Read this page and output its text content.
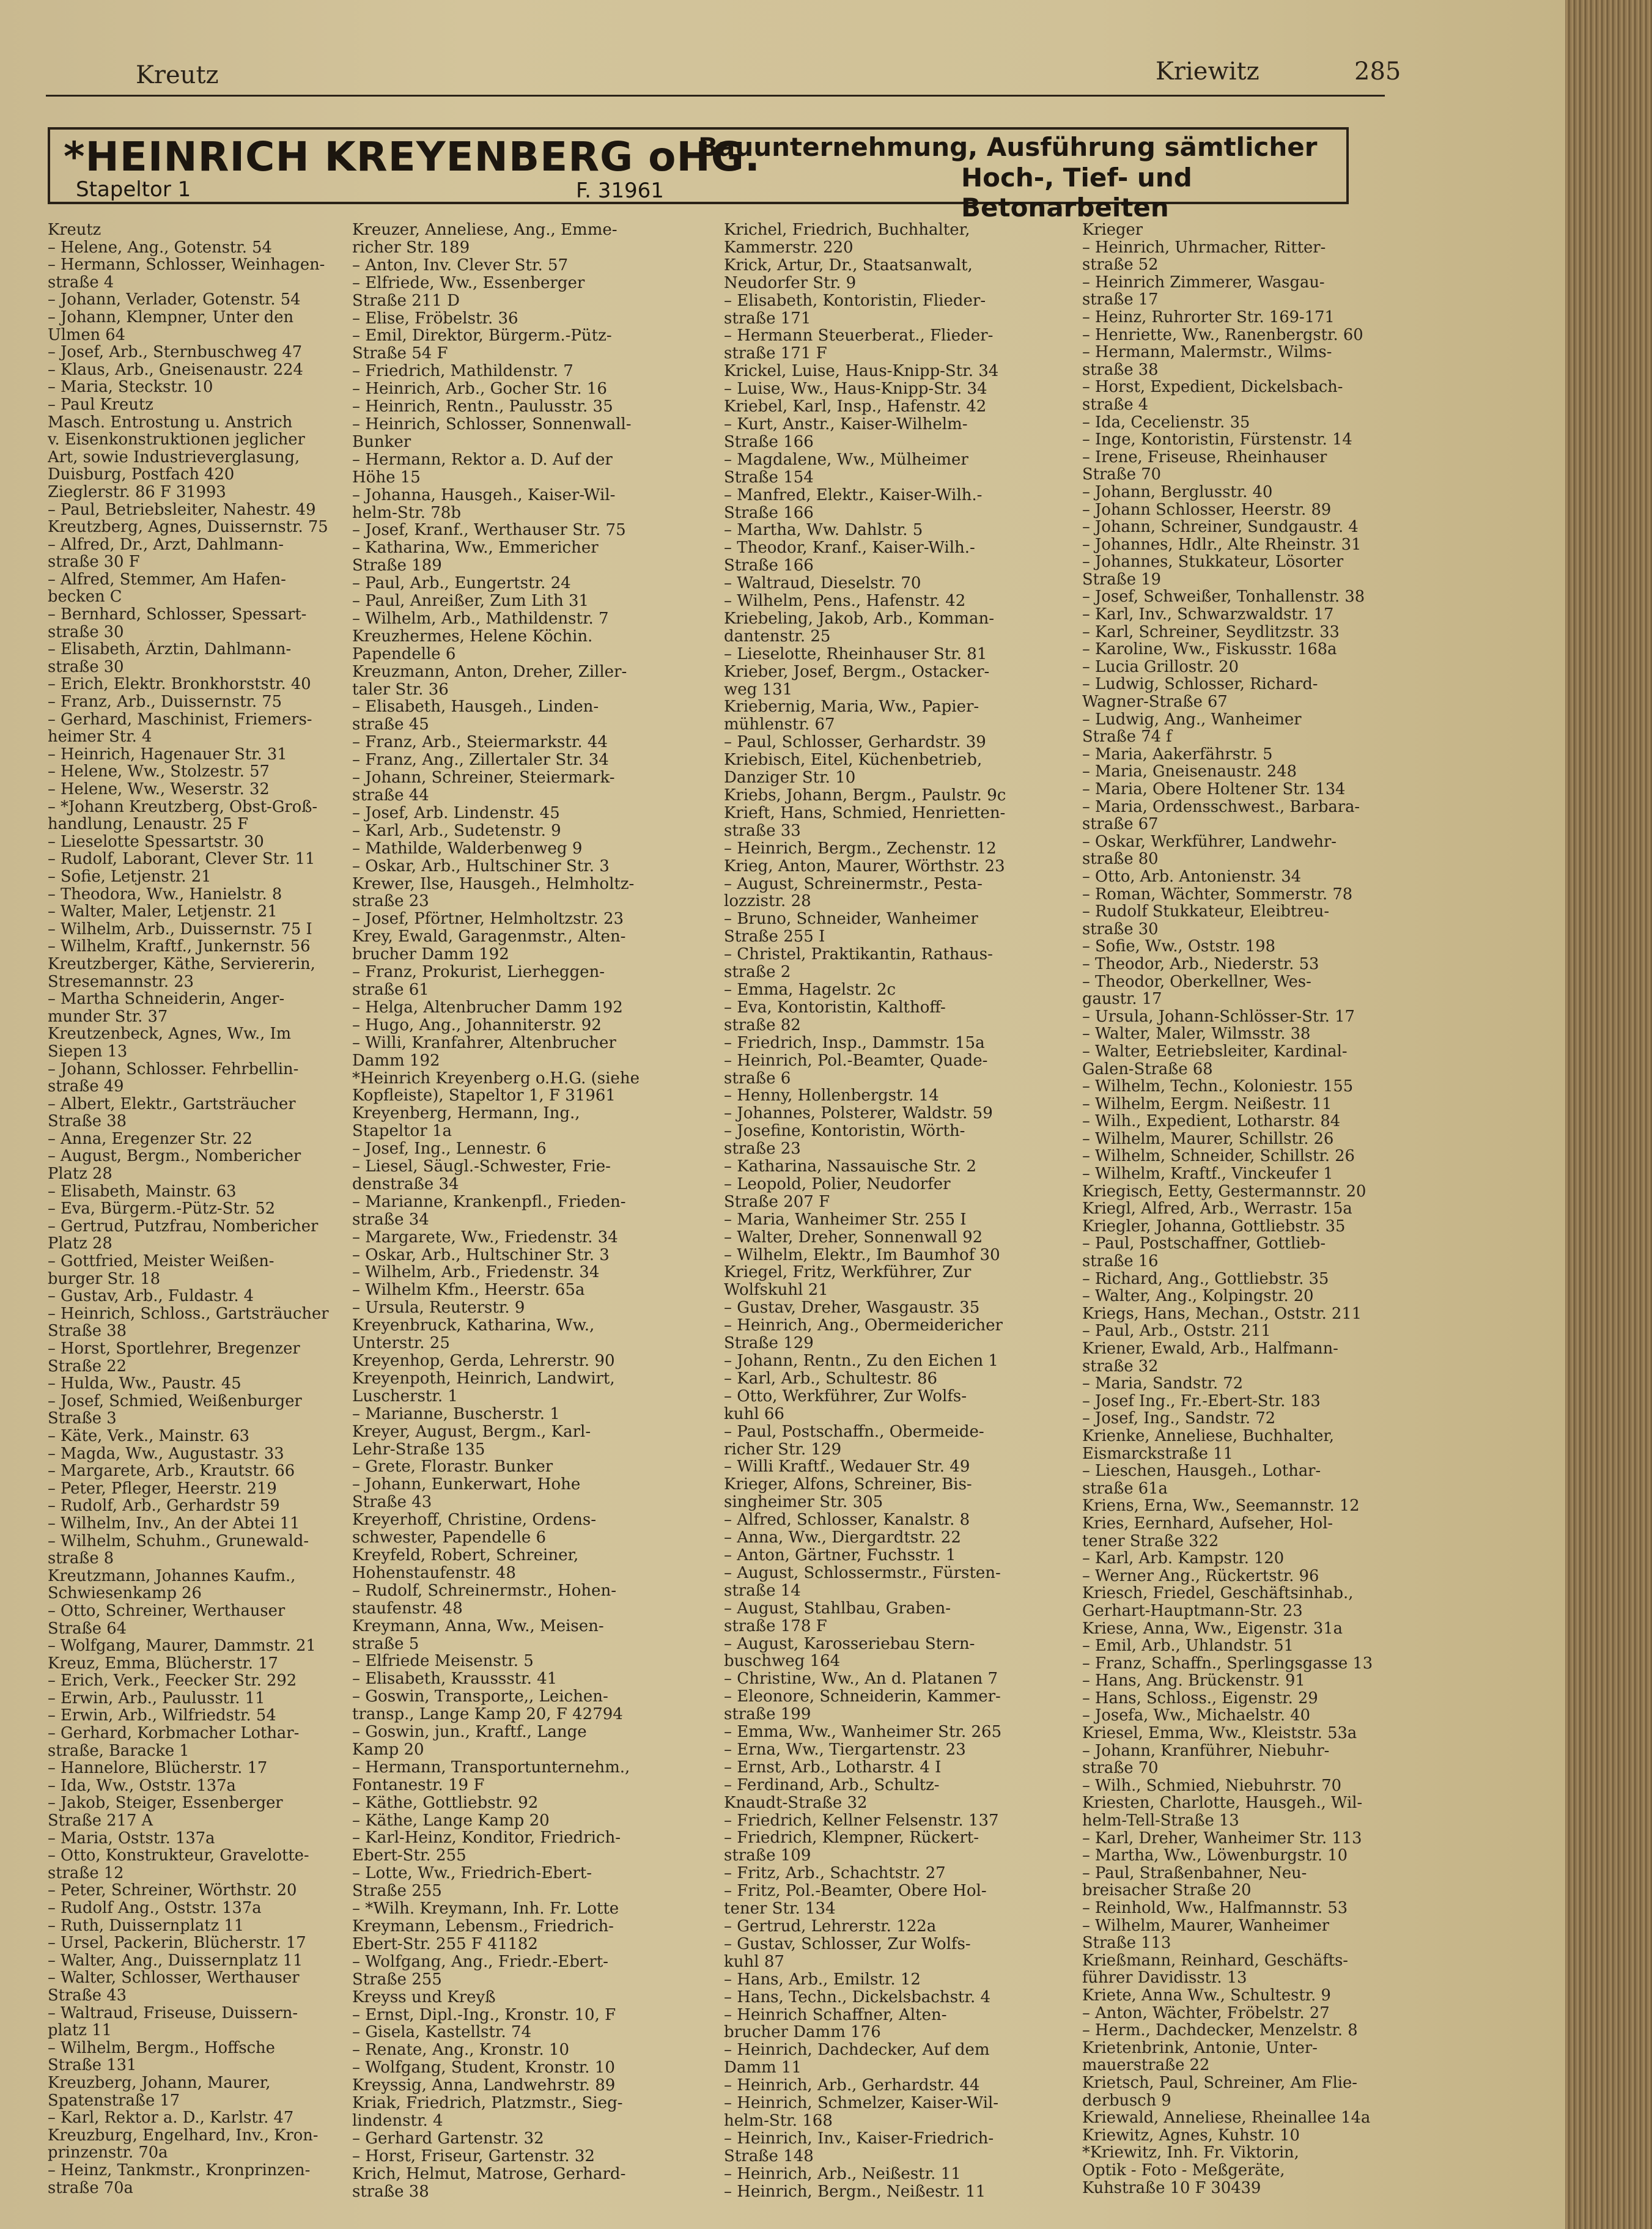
Kreutz	Kriewitz	285
*HEINRICH KREYENBERG oHG.
Stapeltor 1	F. 31961
Bauunternehmung, Ausführung sämtlicher
Hoch-, Tief- und Betonarbeiten
Kreutz
– Helene, Ang., Gotenstr. 54
– Hermann, Schlosser, Weinhagen-
straße 4
– Johann, Verlader, Gotenstr. 54
– Johann, Klempner, Unter den
Ulmen 64
– Josef, Arb., Sternbuschweg 47
– Klaus, Arb., Gneisenaustr. 224
– Maria, Steckstr. 10
– Paul Kreutz
Masch. Entrostung u. Anstrich
v. Eisenkonstruktionen jeglicher
Art, sowie Industrieverglasung,
Duisburg, Postfach 420
Zieglerstr. 86 F 31993
– Paul, Betriebsleiter, Nahestr. 49
Kreutzberg, Agnes, Duissernstr. 75
– Alfred, Dr., Arzt, Dahlmann-
straße 30 F
– Alfred, Stemmer, Am Hafen-
becken C
– Bernhard, Schlosser, Spessart-
straße 30
– Elisabeth, Ärztin, Dahlmann-
straße 30
– Erich, Elektr. Bronkhorststr. 40
– Franz, Arb., Duissernstr. 75
– Gerhard, Maschinist, Friemers-
heimer Str. 4
– Heinrich, Hagenauer Str. 31
– Helene, Ww., Stolzestr. 57
– Helene, Ww., Weserstr. 32
– *Johann Kreutzberg, Obst-Groß-
handlung, Lenaustr. 25 F
– Lieselotte Spessartstr. 30
– Rudolf, Laborant, Clever Str. 11
– Sofie, Letjenstr. 21
– Theodora, Ww., Hanielstr. 8
– Walter, Maler, Letjenstr. 21
– Wilhelm, Arb., Duissernstr. 75 I
– Wilhelm, Kraftf., Junkernstr. 56
Kreutzberger, Käthe, Serviererin,
Stresemannstr. 23
– Martha Schneiderin, Anger-
munder Str. 37
Kreutzenbeck, Agnes, Ww., Im
Siepen 13
– Johann, Schlosser. Fehrbellin-
straße 49
– Albert, Elektr., Gartsträucher
Straße 38
– Anna, Eregenzer Str. 22
– August, Bergm., Nombericher
Platz 28
– Elisabeth, Mainstr. 63
– Eva, Bürgerm.-Pütz-Str. 52
– Gertrud, Putzfrau, Nombericher
Platz 28
– Gottfried, Meister Weißen-
burger Str. 18
– Gustav, Arb., Fuldastr. 4
– Heinrich, Schloss., Gartsträucher
Straße 38
– Horst, Sportlehrer, Bregenzer
Straße 22
– Hulda, Ww., Paustr. 45
– Josef, Schmied, Weißenburger
Straße 3
– Käte, Verk., Mainstr. 63
– Magda, Ww., Augustastr. 33
– Margarete, Arb., Krautstr. 66
– Peter, Pfleger, Heerstr. 219
– Rudolf, Arb., Gerhardstr 59
– Wilhelm, Inv., An der Abtei 11
– Wilhelm, Schuhm., Grunewald-
straße 8
Kreutzmann, Johannes Kaufm.,
Schwiesenkamp 26
– Otto, Schreiner, Werthauser
Straße 64
– Wolfgang, Maurer, Dammstr. 21
Kreuz, Emma, Blücherstr. 17
– Erich, Verk., Feecker Str. 292
– Erwin, Arb., Paulusstr. 11
– Erwin, Arb., Wilfriedstr. 54
– Gerhard, Korbmacher Lothar-
straße, Baracke 1
– Hannelore, Blücherstr. 17
– Ida, Ww., Oststr. 137a
– Jakob, Steiger, Essenberger
Straße 217 A
– Maria, Oststr. 137a
– Otto, Konstrukteur, Gravelotte-
straße 12
– Peter, Schreiner, Wörthstr. 20
– Rudolf Ang., Oststr. 137a
– Ruth, Duissernplatz 11
– Ursel, Packerin, Blücherstr. 17
– Walter, Ang., Duissernplatz 11
– Walter, Schlosser, Werthauser
Straße 43
– Waltraud, Friseuse, Duissern-
platz 11
– Wilhelm, Bergm., Hoffsche
Straße 131
Kreuzberg, Johann, Maurer,
Spatenstraße 17
– Karl, Rektor a. D., Karlstr. 47
Kreuzburg, Engelhard, Inv., Kron-
prinzenstr. 70a
– Heinz, Tankmstr., Kronprinzen-
straße 70a
Kreuzer, Anneliese, Ang., Emme-
richer Str. 189
– Anton, Inv. Clever Str. 57
– Elfriede, Ww., Essenberger
Straße 211 D
– Elise, Fröbelstr. 36
– Emil, Direktor, Bürgerm.-Pütz-
Straße 54 F
– Friedrich, Mathildenstr. 7
– Heinrich, Arb., Gocher Str. 16
– Heinrich, Rentn., Paulusstr. 35
– Heinrich, Schlosser, Sonnenwall-
Bunker
– Hermann, Rektor a. D. Auf der
Höhe 15
– Johanna, Hausgeh., Kaiser-Wil-
helm-Str. 78b
– Josef, Kranf., Werthauser Str. 75
– Katharina, Ww., Emmericher
Straße 189
– Paul, Arb., Eungertstr. 24
– Paul, Anreißer, Zum Lith 31
– Wilhelm, Arb., Mathildenstr. 7
Kreuzhermes, Helene Köchin.
Papendelle 6
Kreuzmann, Anton, Dreher, Ziller-
taler Str. 36
– Elisabeth, Hausgeh., Linden-
straße 45
– Franz, Arb., Steiermarkstr. 44
– Franz, Ang., Zillertaler Str. 34
– Johann, Schreiner, Steiermark-
straße 44
– Josef, Arb. Lindenstr. 45
– Karl, Arb., Sudetenstr. 9
– Mathilde, Walderbenweg 9
– Oskar, Arb., Hultschiner Str. 3
Krewer, Ilse, Hausgeh., Helmholtz-
straße 23
– Josef, Pförtner, Helmholtzstr. 23
Krey, Ewald, Garagenmstr., Alten-
brucher Damm 192
– Franz, Prokurist, Lierheggen-
straße 61
– Helga, Altenbrucher Damm 192
– Hugo, Ang., Johanniterstr. 92
– Willi, Kranfahrer, Altenbrucher
Damm 192
*Heinrich Kreyenberg o.H.G. (siehe
Kopfleiste), Stapeltor 1, F 31961
Kreyenberg, Hermann, Ing.,
Stapeltor 1a
– Josef, Ing., Lennestr. 6
– Liesel, Säugl.-Schwester, Frie-
denstraße 34
– Marianne, Krankenpfl., Frieden-
straße 34
– Margarete, Ww., Friedenstr. 34
– Oskar, Arb., Hultschiner Str. 3
– Wilhelm, Arb., Friedenstr. 34
– Wilhelm Kfm., Heerstr. 65a
– Ursula, Reuterstr. 9
Kreyenbruck, Katharina, Ww.,
Unterstr. 25
Kreyenhop, Gerda, Lehrerstr. 90
Kreyenpoth, Heinrich, Landwirt,
Luscherstr. 1
– Marianne, Buscherstr. 1
Kreyer, August, Bergm., Karl-
Lehr-Straße 135
– Grete, Florastr. Bunker
– Johann, Eunkerwart, Hohe
Straße 43
Kreyerhoff, Christine, Ordens-
schwester, Papendelle 6
Kreyfeld, Robert, Schreiner,
Hohenstaufenstr. 48
– Rudolf, Schreinermstr., Hohen-
staufenstr. 48
Kreymann, Anna, Ww., Meisen-
straße 5
– Elfriede Meisenstr. 5
– Elisabeth, Kraussstr. 41
– Goswin, Transporte,, Leichen-
transp., Lange Kamp 20, F 42794
– Goswin, jun., Kraftf., Lange
Kamp 20
– Hermann, Transportunternehm.,
Fontanestr. 19 F
– Käthe, Gottliebstr. 92
– Käthe, Lange Kamp 20
– Karl-Heinz, Konditor, Friedrich-
Ebert-Str. 255
– Lotte, Ww., Friedrich-Ebert-
Straße 255
– *Wilh. Kreymann, Inh. Fr. Lotte
Kreymann, Lebensm., Friedrich-
Ebert-Str. 255 F 41182
– Wolfgang, Ang., Friedr.-Ebert-
Straße 255
Kreyss und Kreyß
– Ernst, Dipl.-Ing., Kronstr. 10, F
– Gisela, Kastellstr. 74
– Renate, Ang., Kronstr. 10
– Wolfgang, Student, Kronstr. 10
Kreyssig, Anna, Landwehrstr. 89
Kriak, Friedrich, Platzmstr., Sieg-
lindenstr. 4
– Gerhard Gartenstr. 32
– Horst, Friseur, Gartenstr. 32
Krich, Helmut, Matrose, Gerhard-
straße 38
Krichel, Friedrich, Buchhalter,
Kammerstr. 220
Krick, Artur, Dr., Staatsanwalt,
Neudorfer Str. 9
– Elisabeth, Kontoristin, Flieder-
straße 171
– Hermann Steuerberat., Flieder-
straße 171 F
Krickel, Luise, Haus-Knipp-Str. 34
– Luise, Ww., Haus-Knipp-Str. 34
Kriebel, Karl, Insp., Hafenstr. 42
– Kurt, Anstr., Kaiser-Wilhelm-
Straße 166
– Magdalene, Ww., Mülheimer
Straße 154
– Manfred, Elektr., Kaiser-Wilh.-
Straße 166
– Martha, Ww. Dahlstr. 5
– Theodor, Kranf., Kaiser-Wilh.-
Straße 166
– Waltraud, Dieselstr. 70
– Wilhelm, Pens., Hafenstr. 42
Kriebeling, Jakob, Arb., Komman-
dantenstr. 25
– Lieselotte, Rheinhauser Str. 81
Krieber, Josef, Bergm., Ostacker-
weg 131
Kriebernig, Maria, Ww., Papier-
mühlenstr. 67
– Paul, Schlosser, Gerhardstr. 39
Kriebisch, Eitel, Küchenbetrieb,
Danziger Str. 10
Kriebs, Johann, Bergm., Paulstr. 9c
Krieft, Hans, Schmied, Henrietten-
straße 33
– Heinrich, Bergm., Zechenstr. 12
Krieg, Anton, Maurer, Wörthstr. 23
– August, Schreinermstr., Pesta-
lozzistr. 28
– Bruno, Schneider, Wanheimer
Straße 255 I
– Christel, Praktikantin, Rathaus-
straße 2
– Emma, Hagelstr. 2c
– Eva, Kontoristin, Kalthoff-
straße 82
– Friedrich, Insp., Dammstr. 15a
– Heinrich, Pol.-Beamter, Quade-
straße 6
– Henny, Hollenbergstr. 14
– Johannes, Polsterer, Waldstr. 59
– Josefine, Kontoristin, Wörth-
straße 23
– Katharina, Nassauische Str. 2
– Leopold, Polier, Neudorfer
Straße 207 F
– Maria, Wanheimer Str. 255 I
– Walter, Dreher, Sonnenwall 92
– Wilhelm, Elektr., Im Baumhof 30
Kriegel, Fritz, Werkführer, Zur
Wolfskuhl 21
– Gustav, Dreher, Wasgaustr. 35
– Heinrich, Ang., Obermeidericher
Straße 129
– Johann, Rentn., Zu den Eichen 1
– Karl, Arb., Schultestr. 86
– Otto, Werkführer, Zur Wolfs-
kuhl 66
– Paul, Postschaffn., Obermeide-
richer Str. 129
– Willi Kraftf., Wedauer Str. 49
Krieger, Alfons, Schreiner, Bis-
singheimer Str. 305
– Alfred, Schlosser, Kanalstr. 8
– Anna, Ww., Diergardtstr. 22
– Anton, Gärtner, Fuchsstr. 1
– August, Schlossermstr., Fürsten-
straße 14
– August, Stahlbau, Graben-
straße 178 F
– August, Karosseriebau Stern-
buschweg 164
– Christine, Ww., An d. Platanen 7
– Eleonore, Schneiderin, Kammer-
straße 199
– Emma, Ww., Wanheimer Str. 265
– Erna, Ww., Tiergartenstr. 23
– Ernst, Arb., Lotharstr. 4 I
– Ferdinand, Arb., Schultz-
Knaudt-Straße 32
– Friedrich, Kellner Felsenstr. 137
– Friedrich, Klempner, Rückert-
straße 109
– Fritz, Arb., Schachtstr. 27
– Fritz, Pol.-Beamter, Obere Hol-
tener Str. 134
– Gertrud, Lehrerstr. 122a
– Gustav, Schlosser, Zur Wolfs-
kuhl 87
– Hans, Arb., Emilstr. 12
– Hans, Techn., Dickelsbachstr. 4
– Heinrich Schaffner, Alten-
brucher Damm 176
– Heinrich, Dachdecker, Auf dem
Damm 11
– Heinrich, Arb., Gerhardstr. 44
– Heinrich, Schmelzer, Kaiser-Wil-
helm-Str. 168
– Heinrich, Inv., Kaiser-Friedrich-
Straße 148
– Heinrich, Arb., Neißestr. 11
– Heinrich, Bergm., Neißestr. 11
Krieger
– Heinrich, Uhrmacher, Ritter-
straße 52
– Heinrich Zimmerer, Wasgau-
straße 17
– Heinz, Ruhrorter Str. 169-171
– Henriette, Ww., Ranenbergstr. 60
– Hermann, Malermstr., Wilms-
straße 38
– Horst, Expedient, Dickelsbach-
straße 4
– Ida, Cecelienstr. 35
– Inge, Kontoristin, Fürstenstr. 14
– Irene, Friseuse, Rheinhauser
Straße 70
– Johann, Berglusstr. 40
– Johann Schlosser, Heerstr. 89
– Johann, Schreiner, Sundgaustr. 4
– Johannes, Hdlr., Alte Rheinstr. 31
– Johannes, Stukkateur, Lösorter
Straße 19
– Josef, Schweißer, Tonhallenstr. 38
– Karl, Inv., Schwarzwaldstr. 17
– Karl, Schreiner, Seydlitzstr. 33
– Karoline, Ww., Fiskusstr. 168a
– Lucia Grillostr. 20
– Ludwig, Schlosser, Richard-
Wagner-Straße 67
– Ludwig, Ang., Wanheimer
Straße 74 f
– Maria, Aakerfährstr. 5
– Maria, Gneisenaustr. 248
– Maria, Obere Holtener Str. 134
– Maria, Ordensschwest., Barbara-
straße 67
– Oskar, Werkführer, Landwehr-
straße 80
– Otto, Arb. Antonienstr. 34
– Roman, Wächter, Sommerstr. 78
– Rudolf Stukkateur, Eleibtreu-
straße 30
– Sofie, Ww., Oststr. 198
– Theodor, Arb., Niederstr. 53
– Theodor, Oberkellner, Wes-
gaustr. 17
– Ursula, Johann-Schlösser-Str. 17
– Walter, Maler, Wilmsstr. 38
– Walter, Eetriebsleiter, Kardinal-
Galen-Straße 68
– Wilhelm, Techn., Koloniestr. 155
– Wilhelm, Eergm. Neißestr. 11
– Wilh., Expedient, Lotharstr. 84
– Wilhelm, Maurer, Schillstr. 26
– Wilhelm, Schneider, Schillstr. 26
– Wilhelm, Kraftf., Vinckeufer 1
Kriegisch, Eetty, Gestermannstr. 20
Kriegl, Alfred, Arb., Werrastr. 15a
Kriegler, Johanna, Gottliebstr. 35
– Paul, Postschaffner, Gottlieb-
straße 16
– Richard, Ang., Gottliebstr. 35
– Walter, Ang., Kolpingstr. 20
Kriegs, Hans, Mechan., Oststr. 211
– Paul, Arb., Oststr. 211
Kriener, Ewald, Arb., Halfmann-
straße 32
– Maria, Sandstr. 72
– Josef Ing., Fr.-Ebert-Str. 183
– Josef, Ing., Sandstr. 72
Krienke, Anneliese, Buchhalter,
Eismarckstraße 11
– Lieschen, Hausgeh., Lothar-
straße 61a
Kriens, Erna, Ww., Seemannstr. 12
Kries, Eernhard, Aufseher, Hol-
tener Straße 322
– Karl, Arb. Kampstr. 120
– Werner Ang., Rückertstr. 96
Kriesch, Friedel, Geschäftsinhab.,
Gerhart-Hauptmann-Str. 23
Kriese, Anna, Ww., Eigenstr. 31a
– Emil, Arb., Uhlandstr. 51
– Franz, Schaffn., Sperlingsgasse 13
– Hans, Ang. Brückenstr. 91
– Hans, Schloss., Eigenstr. 29
– Josefa, Ww., Michaelstr. 40
Kriesel, Emma, Ww., Kleiststr. 53a
– Johann, Kranführer, Niebuhr-
straße 70
– Wilh., Schmied, Niebuhrstr. 70
Kriesten, Charlotte, Hausgeh., Wil-
helm-Tell-Straße 13
– Karl, Dreher, Wanheimer Str. 113
– Martha, Ww., Löwenburgstr. 10
– Paul, Straßenbahner, Neu-
breisacher Straße 20
– Reinhold, Ww., Halfmannstr. 53
– Wilhelm, Maurer, Wanheimer
Straße 113
Krießmann, Reinhard, Geschäfts-
führer Davidisstr. 13
Kriete, Anna Ww., Schultestr. 9
– Anton, Wächter, Fröbelstr. 27
– Herm., Dachdecker, Menzelstr. 8
Krietenbrink, Antonie, Unter-
mauerstraße 22
Krietsch, Paul, Schreiner, Am Flie-
derbusch 9
Kriewald, Anneliese, Rheinallee 14a
Kriewitz, Agnes, Kuhstr. 10
*Kriewitz, Inh. Fr. Viktorin,
Optik - Foto - Meßgeräte,
Kuhstraße 10 F 30439
